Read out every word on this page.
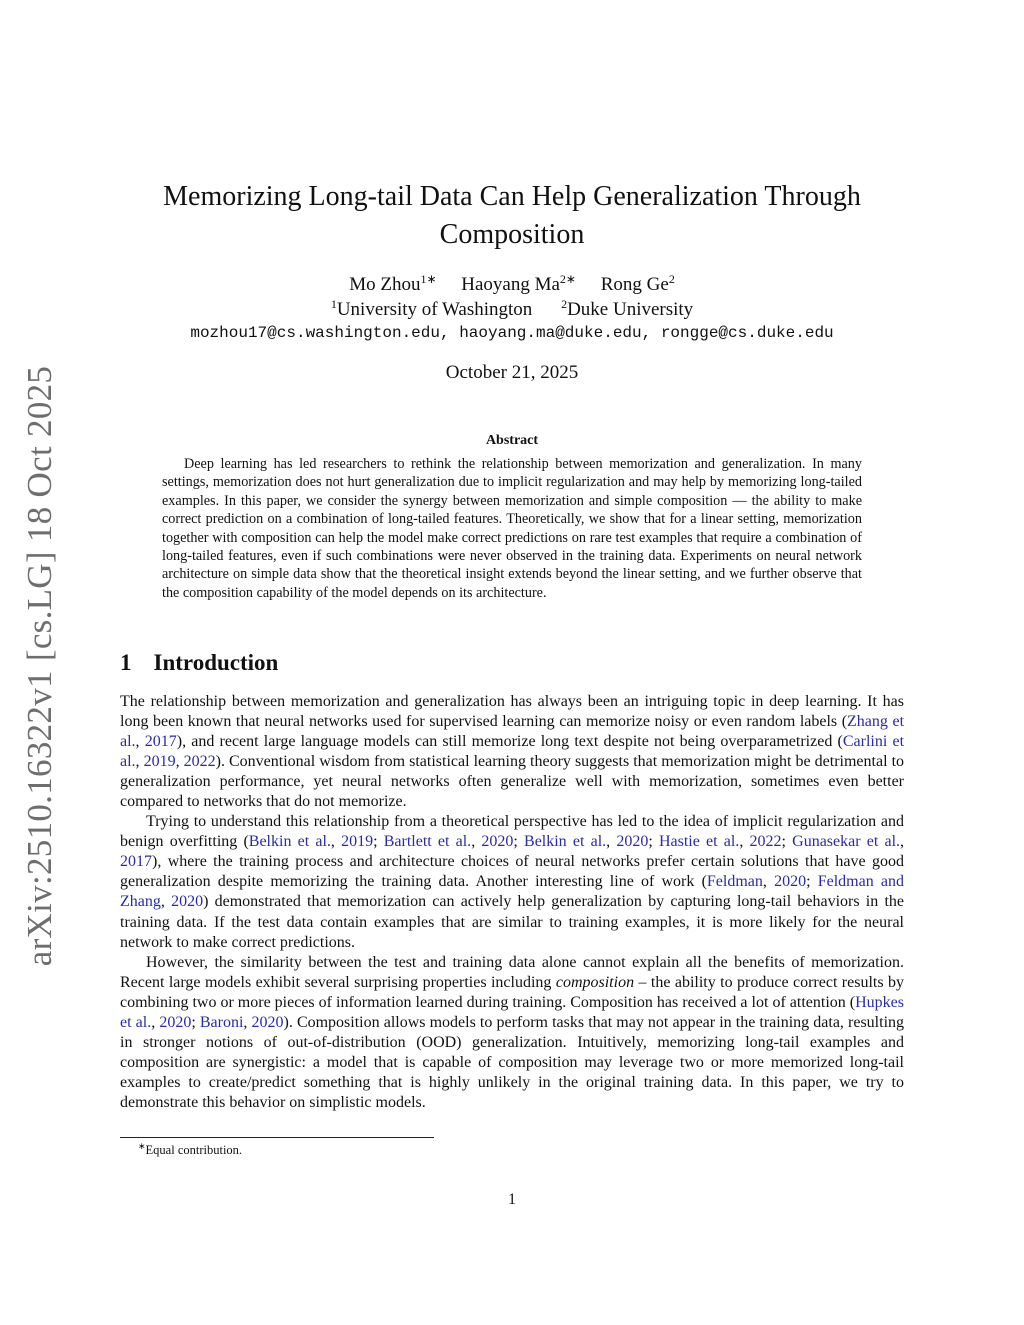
arXiv:2510.16322v1 [cs.LG] 18 Oct 2025
Memorizing Long-tail Data Can Help Generalization Through Composition
Mo Zhou$^{1∗}$ Haoyang $Ma^{2∗}$ Rong Ge$^2$
$^1$University of Washington $^2$Duke University
mozhou17@cs.washington.edu, haoyang.ma@duke.edu, rongge@cs.duke.edu
October 21, 2025
Abstract

Deep learning has led researchers to rethink the relationship between memorization and generalization. In many settings, memorization does not hurt generalization due to implicit regularization and may help by memorizing long-tailed examples. In this paper, we consider the synergy between memorization and simple composition — the ability to make correct prediction on a combination of long-tailed features. Theoretically, we show that for a linear setting, memorization together with composition can help the model make correct predictions on rare test examples that require a combination of long-tailed features, even if such combinations were never observed in the training data. Experiments on neural network architecture on simple data show that the theoretical insight extends beyond the linear setting, and we further observe that the composition capability of the model depends on its architecture.

1 Introduction

The relationship between memorization and generalization has always been an intriguing topic in deep learning. It has long been known that neural networks used for supervised learning can memorize noisy or even random labels (Zhang et al., 2017), and recent large language models can still memorize long text despite not being overparametrized (Carlini et al., 2019, 2022). Conventional wisdom from statistical learning theory suggests that memorization might be detrimental to generalization performance, yet neural networks often generalize well with memorization, sometimes even better compared to networks that do not memorize.

Trying to understand this relationship from a theoretical perspective has led to the idea of implicit regularization and benign overfitting (Belkin et al., 2019; Bartlett et al., 2020; Belkin et al., 2020; Hastie et al., 2022; Gunasekar et al., 2017), where the training process and architecture choices of neural networks prefer certain solutions that have good generalization despite memorizing the training data. Another interesting line of work (Feldman, 2020; Feldman and Zhang, 2020) demonstrated that memorization can actively help generalization by capturing long-tail behaviors in the training data. If the test data contain examples that are similar to training examples, it is more likely for the neural network to make correct predictions.

However, the similarity between the test and training data alone cannot explain all the benefits of memorization. Recent large models exhibit several surprising properties including composition – the ability to produce correct results by combining two or more pieces of information learned during training. Composition has received a lot of attention (Hupkes et al., 2020; Baroni, 2020). Composition allows models to perform tasks that may not appear in the training data, resulting in stronger notions of out-of-distribution (OOD) generalization. Intuitively, memorizing long-tail examples and composition are synergistic: a model that is capable of composition may leverage two or more memorized long-tail examples to create/predict something that is highly unlikely in the original training data. In this paper, we try to demonstrate this behavior on simplistic models.

∗Equal contribution.
1
